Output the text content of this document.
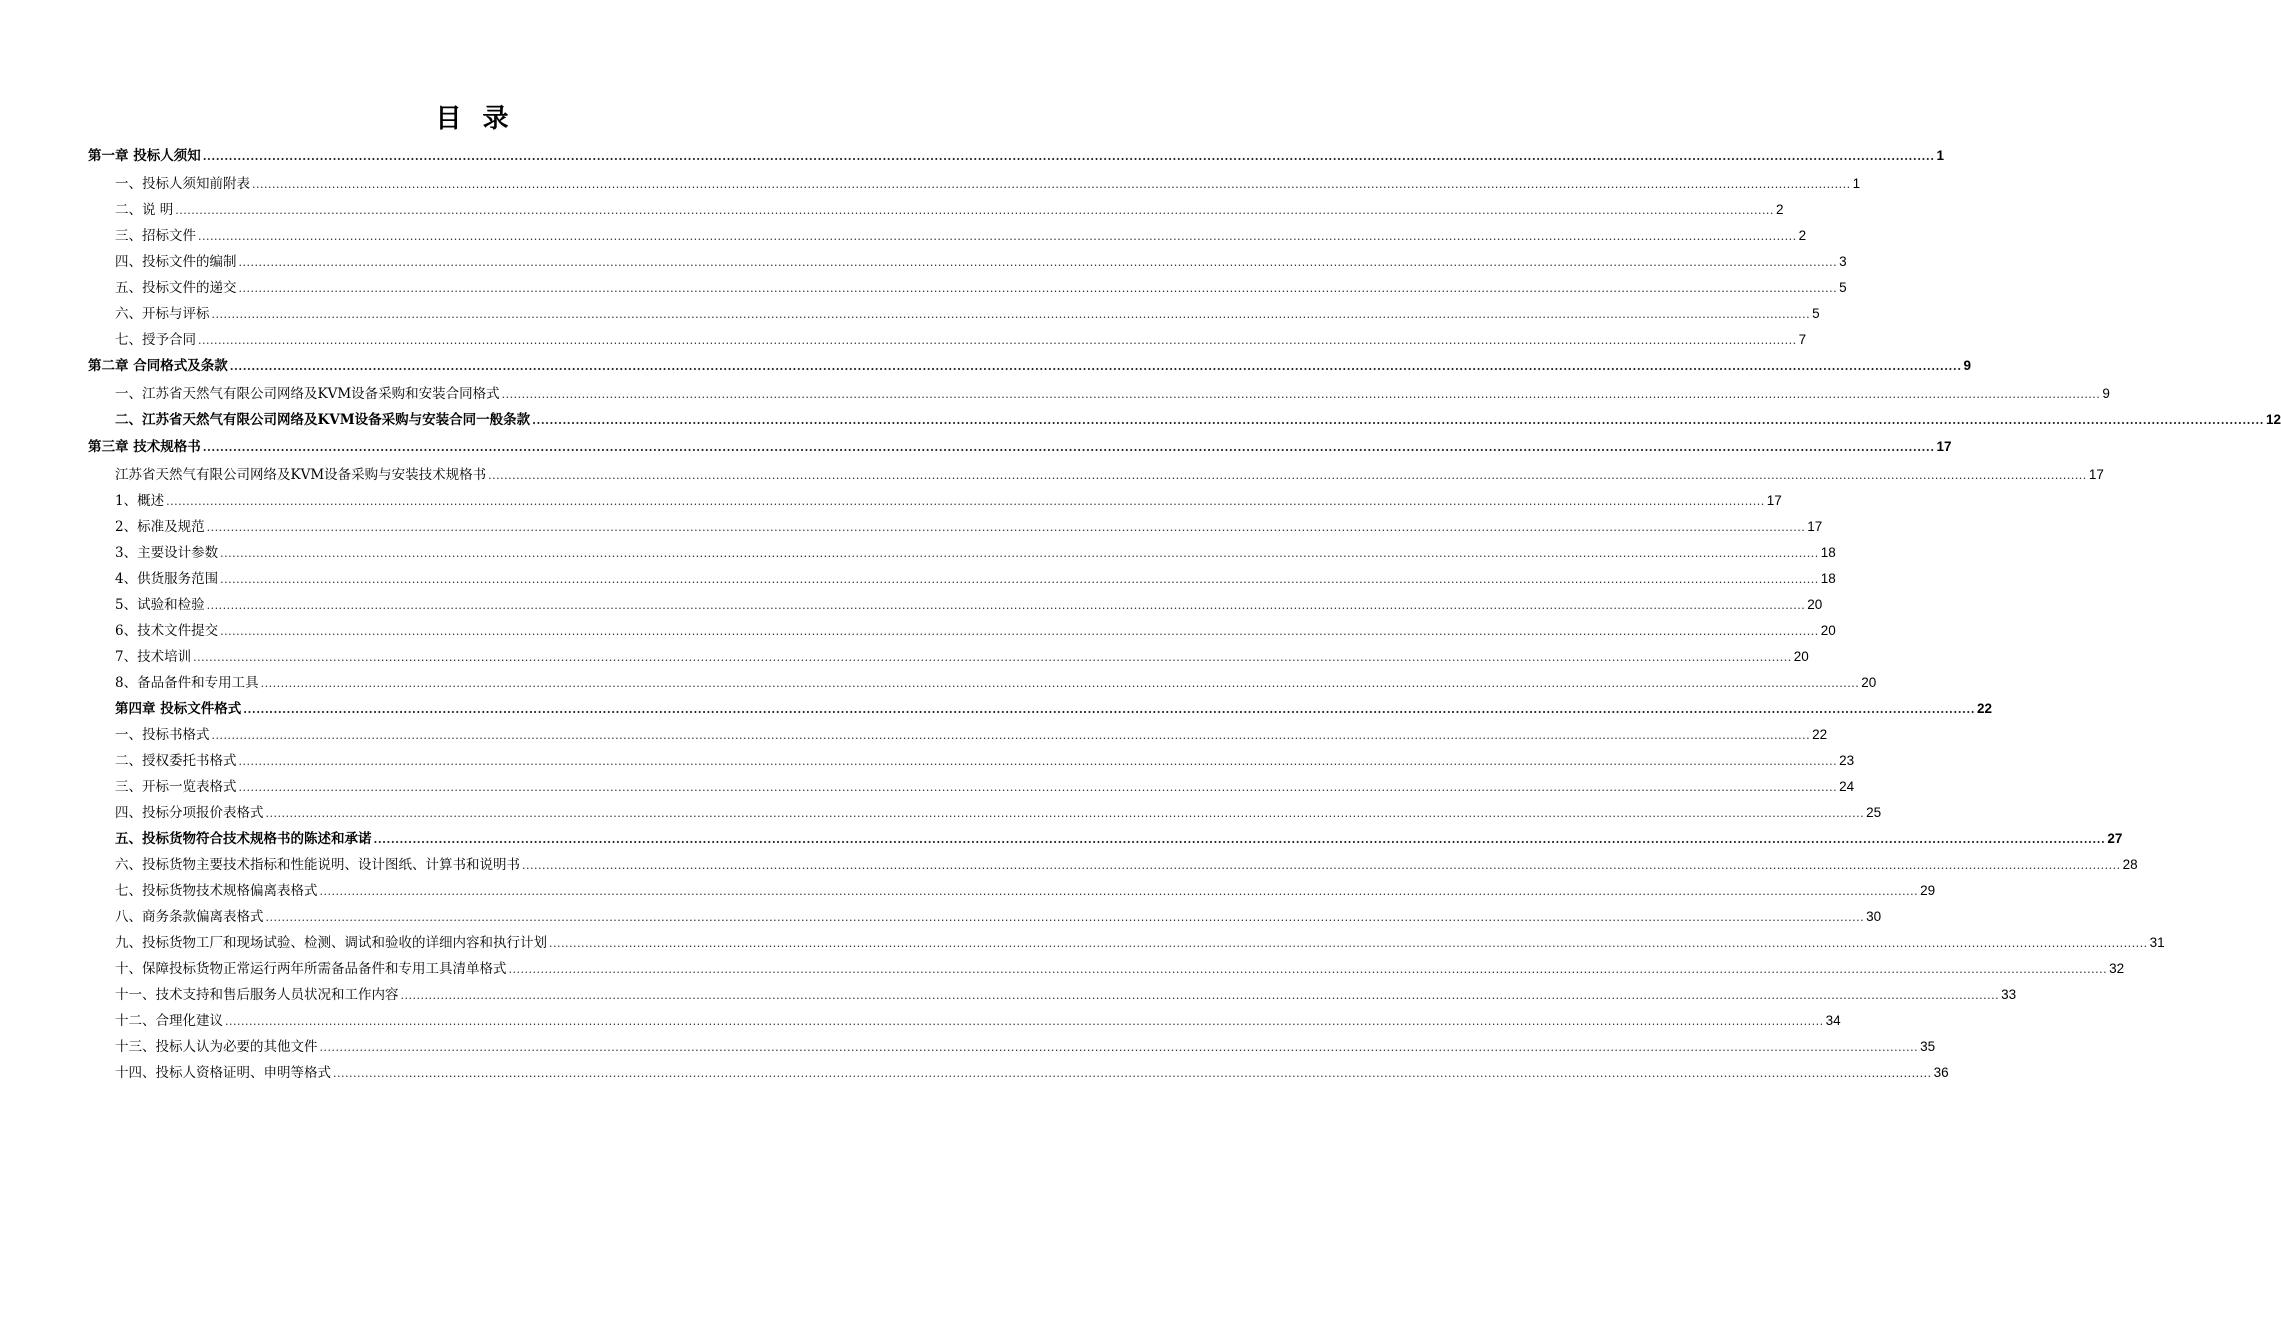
目 录
第一章 投标人须知 ................................................................................................................................................................................................................................................................................................................................................................................................................ 1
一、投标人须知前附表 ................................................................................................................................................................................................................................................................................................................................................................................................................ 1
二、说 明 ................................................................................................................................................................................................................................................................................................................................................................................................................ 2
三、招标文件 ................................................................................................................................................................................................................................................................................................................................................................................................................ 2
四、投标文件的编制 ................................................................................................................................................................................................................................................................................................................................................................................................................ 3
五、投标文件的递交 ................................................................................................................................................................................................................................................................................................................................................................................................................ 5
六、开标与评标 ................................................................................................................................................................................................................................................................................................................................................................................................................ 5
七、授予合同 ................................................................................................................................................................................................................................................................................................................................................................................................................ 7
第二章 合同格式及条款 ................................................................................................................................................................................................................................................................................................................................................................................................................ 9
一、江苏省天然气有限公司网络及KVM设备采购和安装合同格式 ................................................................................................................................................................................................................................................................................................................................................................................................................ 9
二、江苏省天然气有限公司网络及KVM设备采购与安装合同一般条款 ................................................................................................................................................................................................................................................................................................................................................................................................................ 12
第三章 技术规格书 ................................................................................................................................................................................................................................................................................................................................................................................................................ 17
江苏省天然气有限公司网络及KVM设备采购与安装技术规格书 ................................................................................................................................................................................................................................................................................................................................................................................................................ 17
1、概述 ................................................................................................................................................................................................................................................................................................................................................................................................................ 17
2、标准及规范 ................................................................................................................................................................................................................................................................................................................................................................................................................ 17
3、主要设计参数 ................................................................................................................................................................................................................................................................................................................................................................................................................ 18
4、供货服务范围 ................................................................................................................................................................................................................................................................................................................................................................................................................ 18
5、试验和检验 ................................................................................................................................................................................................................................................................................................................................................................................................................ 20
6、技术文件提交 ................................................................................................................................................................................................................................................................................................................................................................................................................ 20
7、技术培训 ................................................................................................................................................................................................................................................................................................................................................................................................................ 20
8、备品备件和专用工具 ................................................................................................................................................................................................................................................................................................................................................................................................................ 20
第四章 投标文件格式 ................................................................................................................................................................................................................................................................................................................................................................................................................ 22
一、投标书格式 ................................................................................................................................................................................................................................................................................................................................................................................................................ 22
二、授权委托书格式 ................................................................................................................................................................................................................................................................................................................................................................................................................ 23
三、开标一览表格式 ................................................................................................................................................................................................................................................................................................................................................................................................................ 24
四、投标分项报价表格式 ................................................................................................................................................................................................................................................................................................................................................................................................................ 25
五、投标货物符合技术规格书的陈述和承诺 ................................................................................................................................................................................................................................................................................................................................................................................................................ 27
六、投标货物主要技术指标和性能说明、设计图纸、计算书和说明书 ................................................................................................................................................................................................................................................................................................................................................................................................................ 28
七、投标货物技术规格偏离表格式 ................................................................................................................................................................................................................................................................................................................................................................................................................ 29
八、商务条款偏离表格式 ................................................................................................................................................................................................................................................................................................................................................................................................................ 30
九、投标货物工厂和现场试验、检测、调试和验收的详细内容和执行计划 ................................................................................................................................................................................................................................................................................................................................................................................................................ 31
十、保障投标货物正常运行两年所需备品备件和专用工具清单格式 ................................................................................................................................................................................................................................................................................................................................................................................................................ 32
十一、技术支持和售后服务人员状况和工作内容 ................................................................................................................................................................................................................................................................................................................................................................................................................ 33
十二、合理化建议 ................................................................................................................................................................................................................................................................................................................................................................................................................ 34
十三、投标人认为必要的其他文件 ................................................................................................................................................................................................................................................................................................................................................................................................................ 35
十四、投标人资格证明、申明等格式 ................................................................................................................................................................................................................................................................................................................................................................................................................ 36
